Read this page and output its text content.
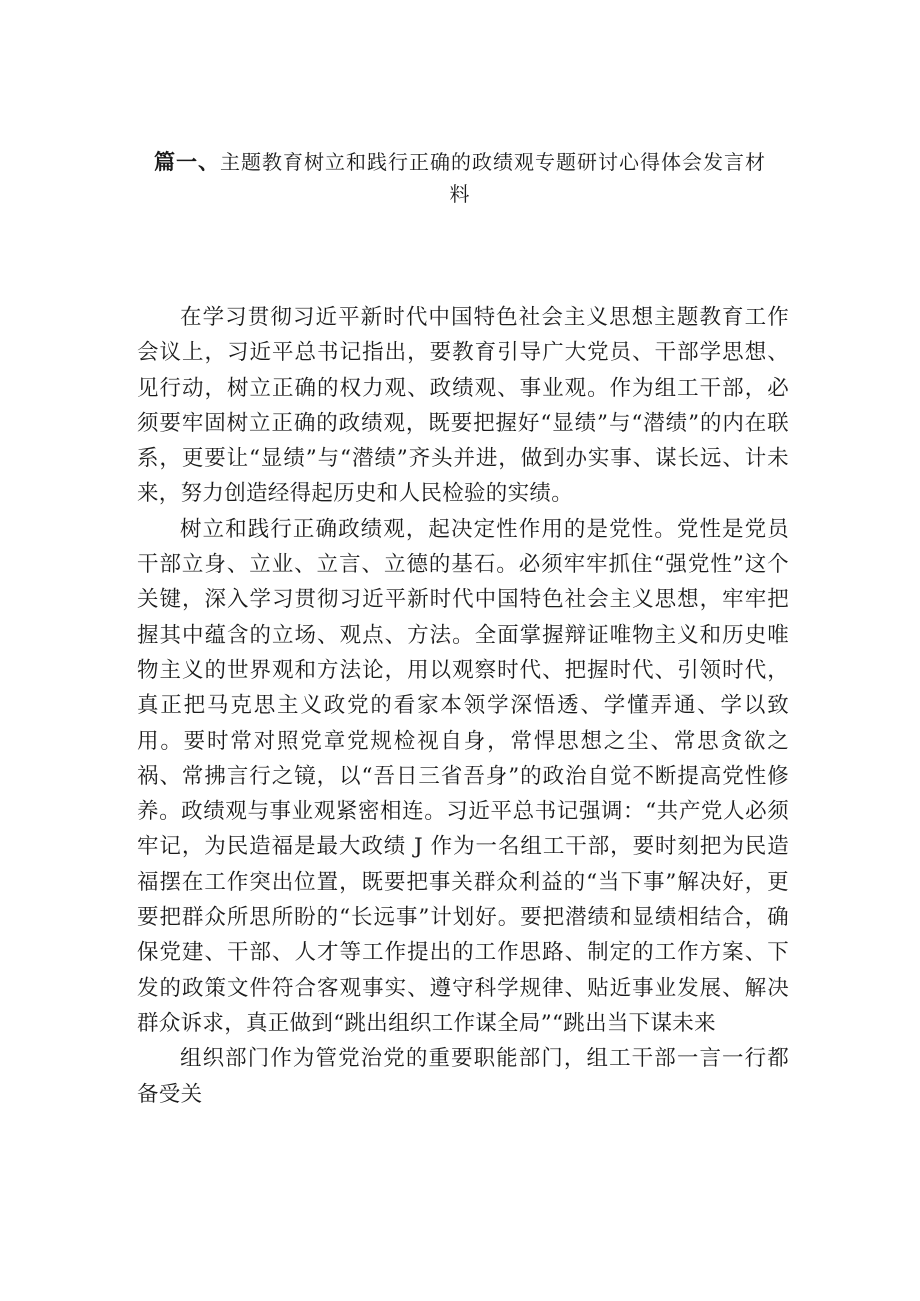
篇一、主题教育树立和践行正确的政绩观专题研讨心得体会发言材
料

在学习贯彻习近平新时代中国特色社会主义思想主题教育工作会议上，习近平总书记指出，要教育引导广大党员、干部学思想、见行动，树立正确的权力观、政绩观、事业观。作为组工干部，必须要牢固树立正确的政绩观，既要把握好“显绩”与“潜绩”的内在联系，更要让“显绩”与“潜绩”齐头并进，做到办实事、谋长远、计未来，努力创造经得起历史和人民检验的实绩。

树立和践行正确政绩观，起决定性作用的是党性。党性是党员干部立身、立业、立言、立德的基石。必须牢牢抓住“强党性”这个关键，深入学习贯彻习近平新时代中国特色社会主义思想，牢牢把握其中蕴含的立场、观点、方法。全面掌握辩证唯物主义和历史唯物主义的世界观和方法论，用以观察时代、把握时代、引领时代，真正把马克思主义政党的看家本领学深悟透、学懂弄通、学以致用。要时常对照党章党规检视自身，常悍思想之尘、常思贪欲之祸、常拂言行之镜，以“吾日三省吾身”的政治自觉不断提高党性修养。政绩观与事业观紧密相连。习近平总书记强调：“共产党人必须牢记，为民造福是最大政绩 J 作为一名组工干部，要时刻把为民造福摆在工作突出位置，既要把事关群众利益的“当下事”解决好，更要把群众所思所盼的“长远事”计划好。要把潜绩和显绩相结合，确保党建、干部、人才等工作提出的工作思路、制定的工作方案、下发的政策文件符合客观事实、遵守科学规律、贴近事业发展、解决群众诉求，真正做到“跳出组织工作谋全局”“跳出当下谋未来

组织部门作为管党治党的重要职能部门，组工干部一言一行都备受关
